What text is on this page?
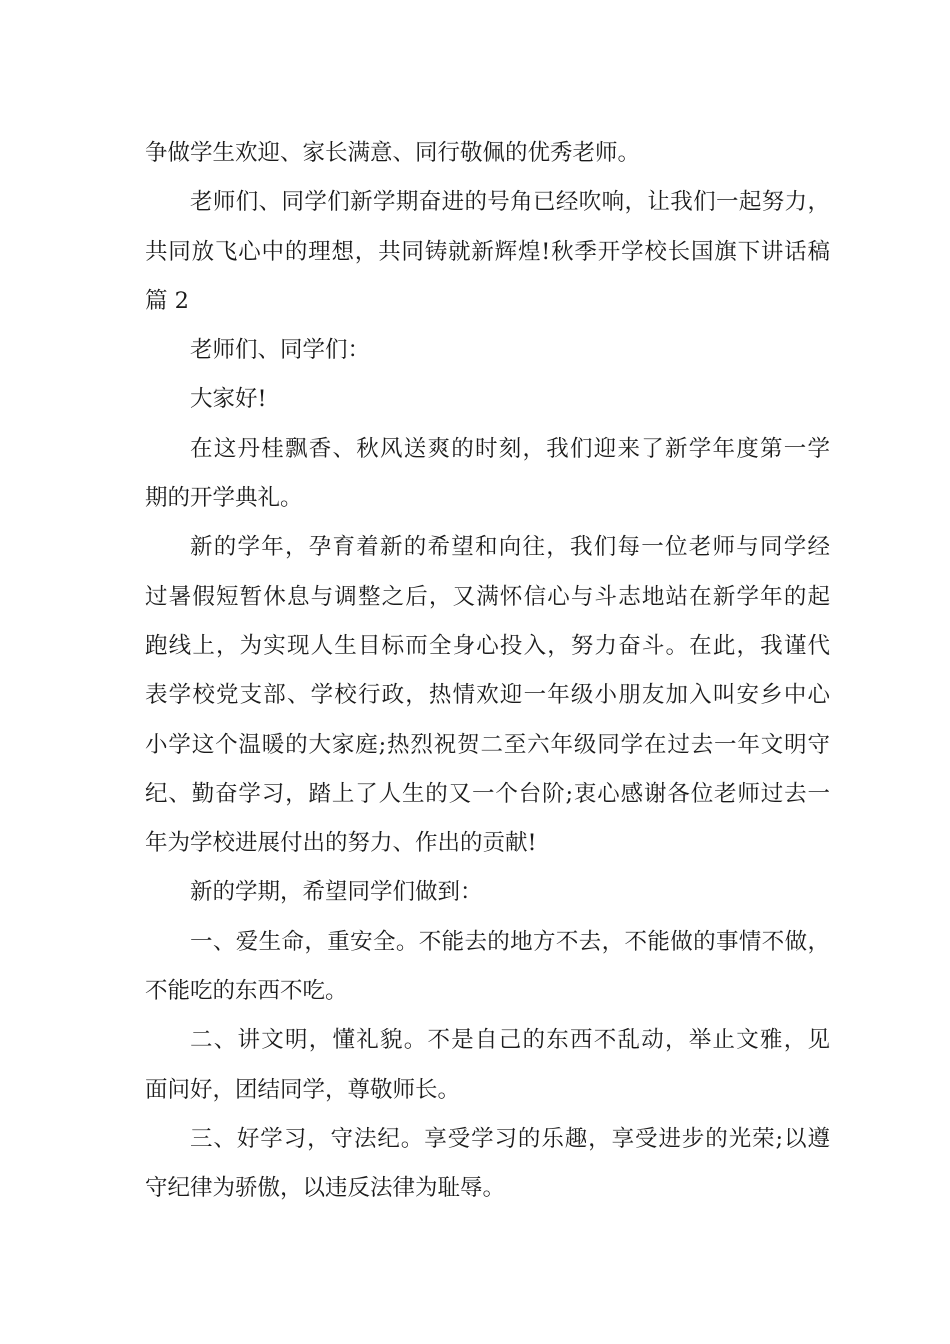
争做学生欢迎、家长满意、同行敬佩的优秀老师。
老师们、同学们新学期奋进的号角已经吹响，让我们一起努力，
共同放飞心中的理想，共同铸就新辉煌!秋季开学校长国旗下讲话稿
篇 2
老师们、同学们：
大家好!
在这丹桂飘香、秋风送爽的时刻，我们迎来了新学年度第一学
期的开学典礼。
新的学年，孕育着新的希望和向往，我们每一位老师与同学经
过暑假短暂休息与调整之后，又满怀信心与斗志地站在新学年的起
跑线上，为实现人生目标而全身心投入，努力奋斗。在此，我谨代
表学校党支部、学校行政，热情欢迎一年级小朋友加入叫安乡中心
小学这个温暖的大家庭;热烈祝贺二至六年级同学在过去一年文明守
纪、勤奋学习，踏上了人生的又一个台阶;衷心感谢各位老师过去一
年为学校进展付出的努力、作出的贡献!
新的学期，希望同学们做到：
一、爱生命，重安全。不能去的地方不去，不能做的事情不做，
不能吃的东西不吃。
二、讲文明，懂礼貌。不是自己的东西不乱动，举止文雅，见
面问好，团结同学，尊敬师长。
三、好学习，守法纪。享受学习的乐趣，享受进步的光荣;以遵
守纪律为骄傲，以违反法律为耻辱。
